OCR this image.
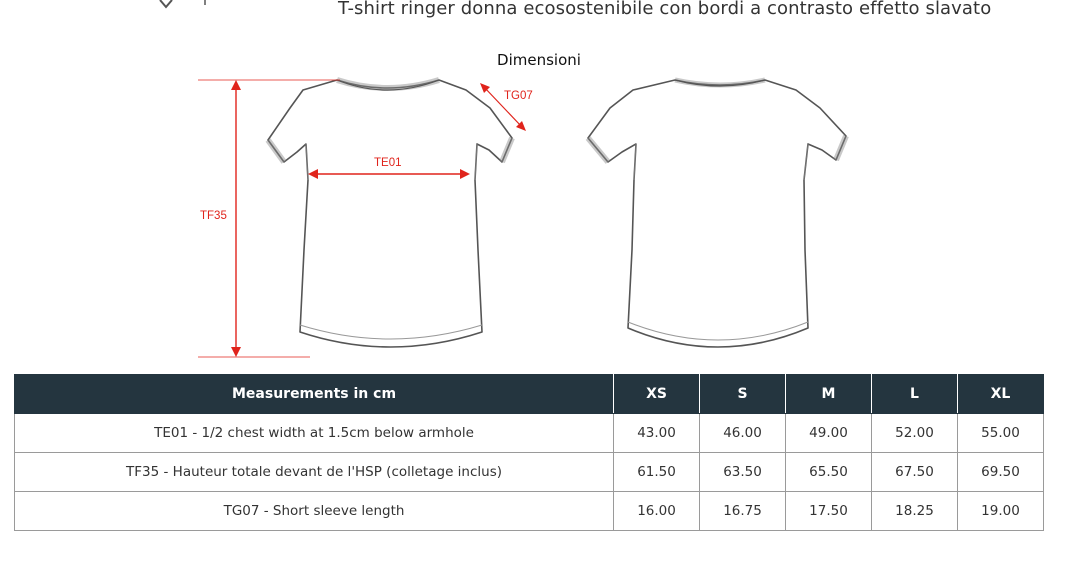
T-shirt ringer donna ecosostenibile con bordi a contrasto effetto slavato
Dimensioni
TE01
TF35
TG07
Measurements in cm	XS	S	M	L	XL
TE01 - 1/2 chest width at 1.5cm below armhole	43.00	46.00	49.00	52.00	55.00
TF35 - Hauteur totale devant de l'HSP (colletage inclus)	61.50	63.50	65.50	67.50	69.50
TG07 - Short sleeve length	16.00	16.75	17.50	18.25	19.00
